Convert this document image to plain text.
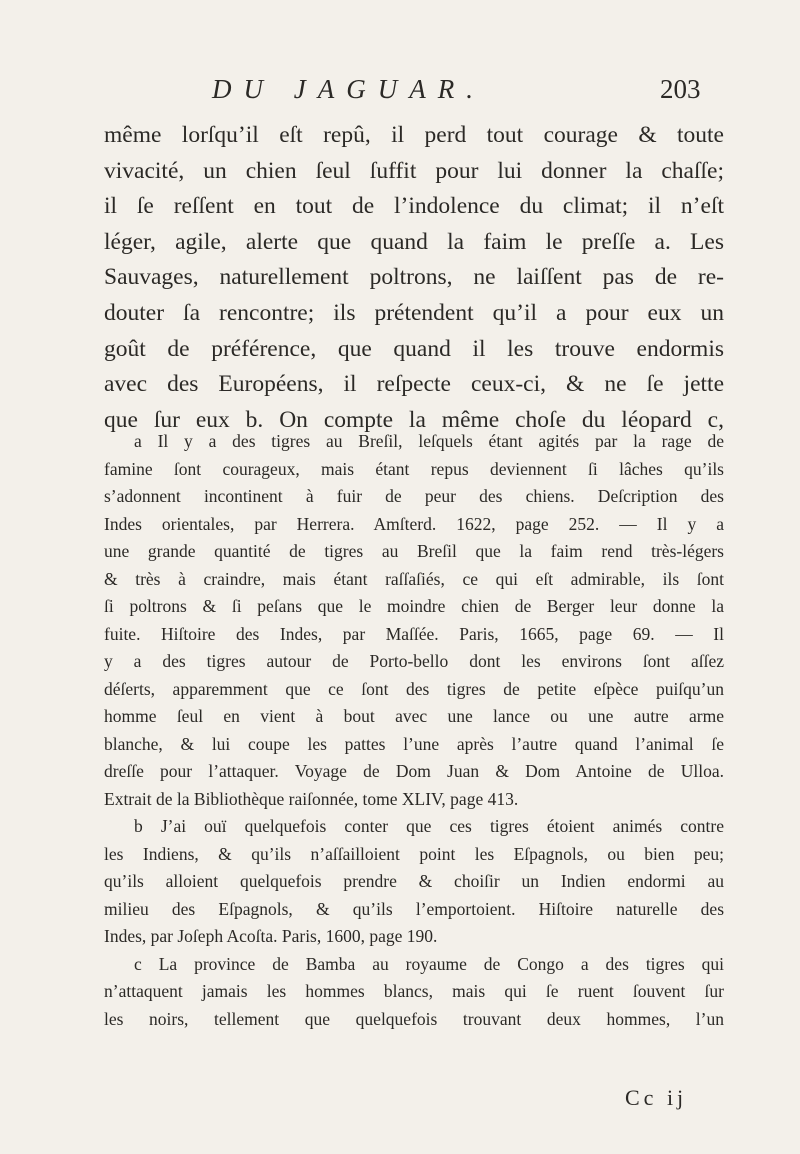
DU JAGUAR.	203
même lorſqu’il eſt repû, il perd tout courage & toute
vivacité, un chien ſeul ſuffit pour lui donner la chaſſe;
il ſe reſſent en tout de l’indolence du climat; il n’eſt
léger, agile, alerte que quand la faim le preſſe a. Les
Sauvages, naturellement poltrons, ne laiſſent pas de re-
douter ſa rencontre; ils prétendent qu’il a pour eux un
goût de préférence, que quand il les trouve endormis
avec des Européens, il reſpecte ceux-ci, & ne ſe jette
que ſur eux b. On compte la même choſe du léopard c,
a Il y a des tigres au Breſil, leſquels étant agités par la rage de
famine ſont courageux, mais étant repus deviennent ſi lâches qu’ils
s’adonnent incontinent à fuir de peur des chiens. Deſcription des
Indes orientales, par Herrera. Amſterd. 1622, page 252. — Il y a
une grande quantité de tigres au Breſil que la faim rend très-légers
& très à craindre, mais étant raſſaſiés, ce qui eſt admirable, ils ſont
ſi poltrons & ſi peſans que le moindre chien de Berger leur donne la
fuite. Hiſtoire des Indes, par Maſſée. Paris, 1665, page 69. — Il
y a des tigres autour de Porto-bello dont les environs ſont aſſez
déſerts, apparemment que ce ſont des tigres de petite eſpèce puiſqu’un
homme ſeul en vient à bout avec une lance ou une autre arme
blanche, & lui coupe les pattes l’une après l’autre quand l’animal ſe
dreſſe pour l’attaquer. Voyage de Dom Juan & Dom Antoine de Ulloa.
Extrait de la Bibliothèque raiſonnée, tome XLIV, page 413.
b J’ai ouï quelquefois conter que ces tigres étoient animés contre
les Indiens, & qu’ils n’aſſailloient point les Eſpagnols, ou bien peu;
qu’ils alloient quelquefois prendre & choiſir un Indien endormi au
milieu des Eſpagnols, & qu’ils l’emportoient. Hiſtoire naturelle des
Indes, par Joſeph Acoſta. Paris, 1600, page 190.
c La province de Bamba au royaume de Congo a des tigres qui
n’attaquent jamais les hommes blancs, mais qui ſe ruent ſouvent ſur
les noirs, tellement que quelquefois trouvant deux hommes, l’un
Cc ij
